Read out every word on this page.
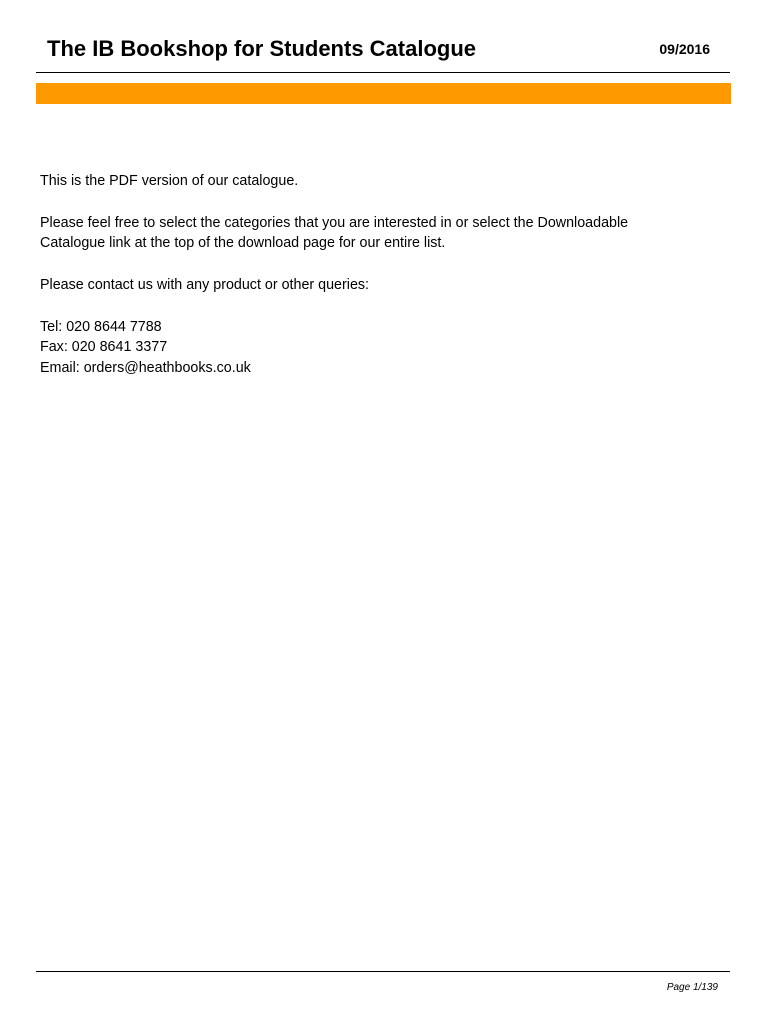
The IB Bookshop for Students Catalogue	09/2016

This is the PDF version of our catalogue.

Please feel free to select the categories that you are interested in or select the Downloadable
Catalogue link at the top of the download page for our entire list.

Please contact us with any product or other queries:

Tel: 020 8644 7788
Fax: 020 8641 3377
Email: orders@heathbooks.co.uk

Page 1/139
